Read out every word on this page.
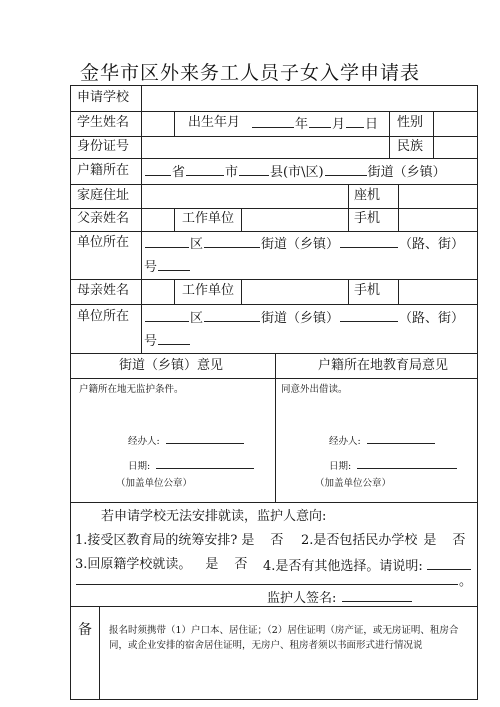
金华市区外来务工人员子女入学申请表
申请学校
学生姓名	出生年月	年 月 日 性别
身份证号	民族
户籍所在	省	市 县(市\区)	街道（乡镇）
家庭住址	座机
父亲姓名	工作单位	手机
单位所在	区	街道（乡镇）	（路、街）
号
母亲姓名	工作单位	手机
单位所在	区	街道（乡镇）	（路、街）
号
街道（乡镇）意见	户籍所在地教育局意见
户籍所在地无监护条件。
经办人:
日期:
（加盖单位公章）
同意外出借读。
经办人:
日期:
（加盖单位公章）
若申请学校无法安排就读，监护人意向:
1.接受区教育局的统筹安排? 是 否 2.是否包括民办学校 是 否
3.回原籍学校就读。 是 否 4.是否有其他选择。请说明:
。
监护人签名:
备 报名时须携带（1）户口本、居住证；（2）居住证明（房产证，或无房证明、租房合同，或企业安排的宿舍居住证明，无房户、租房者须以书面形式进行情况说
